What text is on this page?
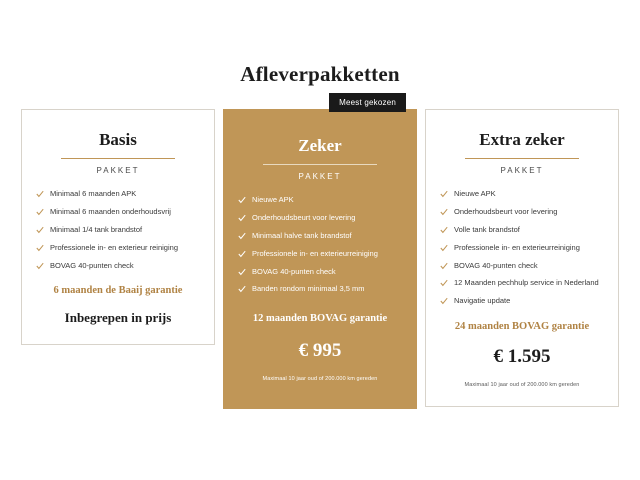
Afleverpakketten
Basis
PAKKET
Minimaal 6 maanden APK
Minimaal 6 maanden onderhoudsvrij
Minimaal 1/4 tank brandstof
Professionele in- en exterieur reiniging
BOVAG 40-punten check
6 maanden de Baaij garantie
Inbegrepen in prijs
Meest gekozen
Zeker
PAKKET
Nieuwe APK
Onderhoudsbeurt voor levering
Minimaal halve tank brandstof
Professionele in- en exterieurreiniging
BOVAG 40-punten check
Banden rondom minimaal 3,5 mm
12 maanden BOVAG garantie
€ 995
Maximaal 10 jaar oud of 200.000 km gereden
Extra zeker
PAKKET
Nieuwe APK
Onderhoudsbeurt voor levering
Volle tank brandstof
Professionele in- en exterieurreiniging
BOVAG 40-punten check
12 Maanden pechhulp service in Nederland
Navigatie update
24 maanden BOVAG garantie
€ 1.595
Maximaal 10 jaar oud of 200.000 km gereden
